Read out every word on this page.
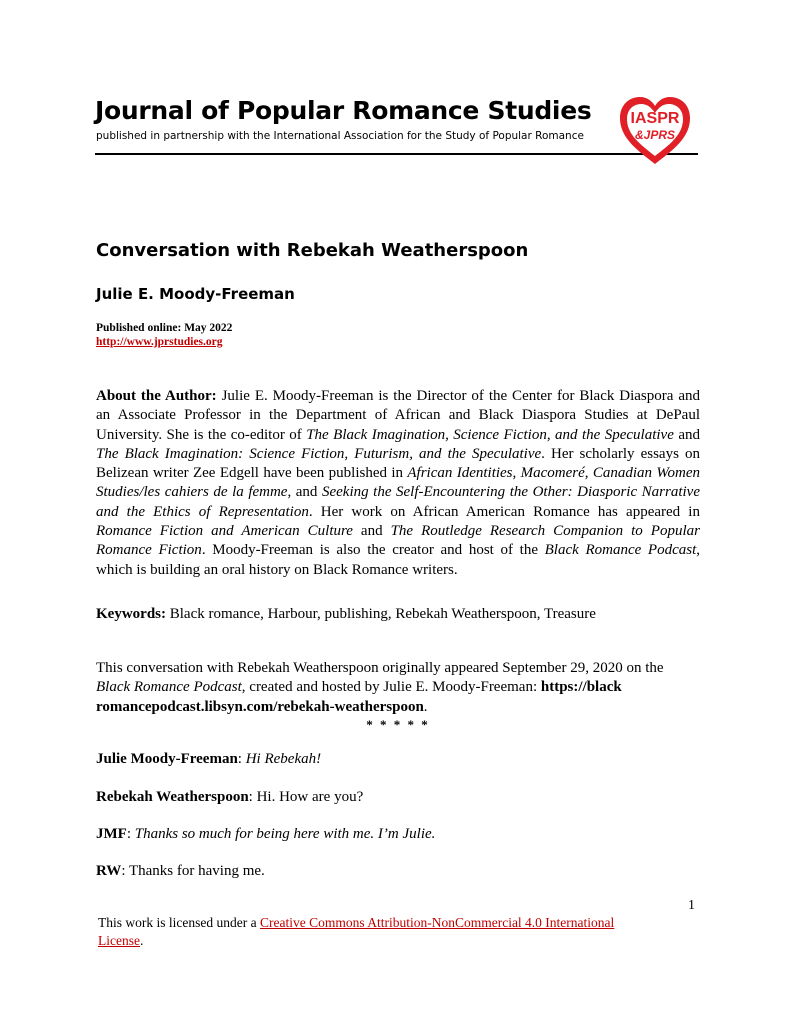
Journal of Popular Romance Studies
published in partnership with the International Association for the Study of Popular Romance
IASPR
&JPRS
Conversation with Rebekah Weatherspoon
Julie E. Moody-Freeman
Published online: May 2022
http://www.jprstudies.org
About the Author: Julie E. Moody-Freeman is the Director of the Center for Black Diaspora and an Associate Professor in the Department of African and Black Diaspora Studies at DePaul University. She is the co-editor of The Black Imagination, Science Fiction, and the Speculative and The Black Imagination: Science Fiction, Futurism, and the Speculative. Her scholarly essays on Belizean writer Zee Edgell have been published in African Identities, Macomeré, Canadian Women Studies/les cahiers de la femme, and Seeking the Self-Encountering the Other: Diasporic Narrative and the Ethics of Representation. Her work on African American Romance has appeared in Romance Fiction and American Culture and The Routledge Research Companion to Popular Romance Fiction. Moody-Freeman is also the creator and host of the Black Romance Podcast, which is building an oral history on Black Romance writers.
Keywords: Black romance, Harbour, publishing, Rebekah Weatherspoon, Treasure
This conversation with Rebekah Weatherspoon originally appeared September 29, 2020 on the Black Romance Podcast, created and hosted by Julie E. Moody-Freeman: https://black romancepodcast.libsyn.com/rebekah-weatherspoon.
* * * * *
Julie Moody-Freeman: Hi Rebekah!
Rebekah Weatherspoon: Hi. How are you?
JMF: Thanks so much for being here with me. I’m Julie.
RW: Thanks for having me.
1
This work is licensed under a Creative Commons Attribution-NonCommercial 4.0 International License.
